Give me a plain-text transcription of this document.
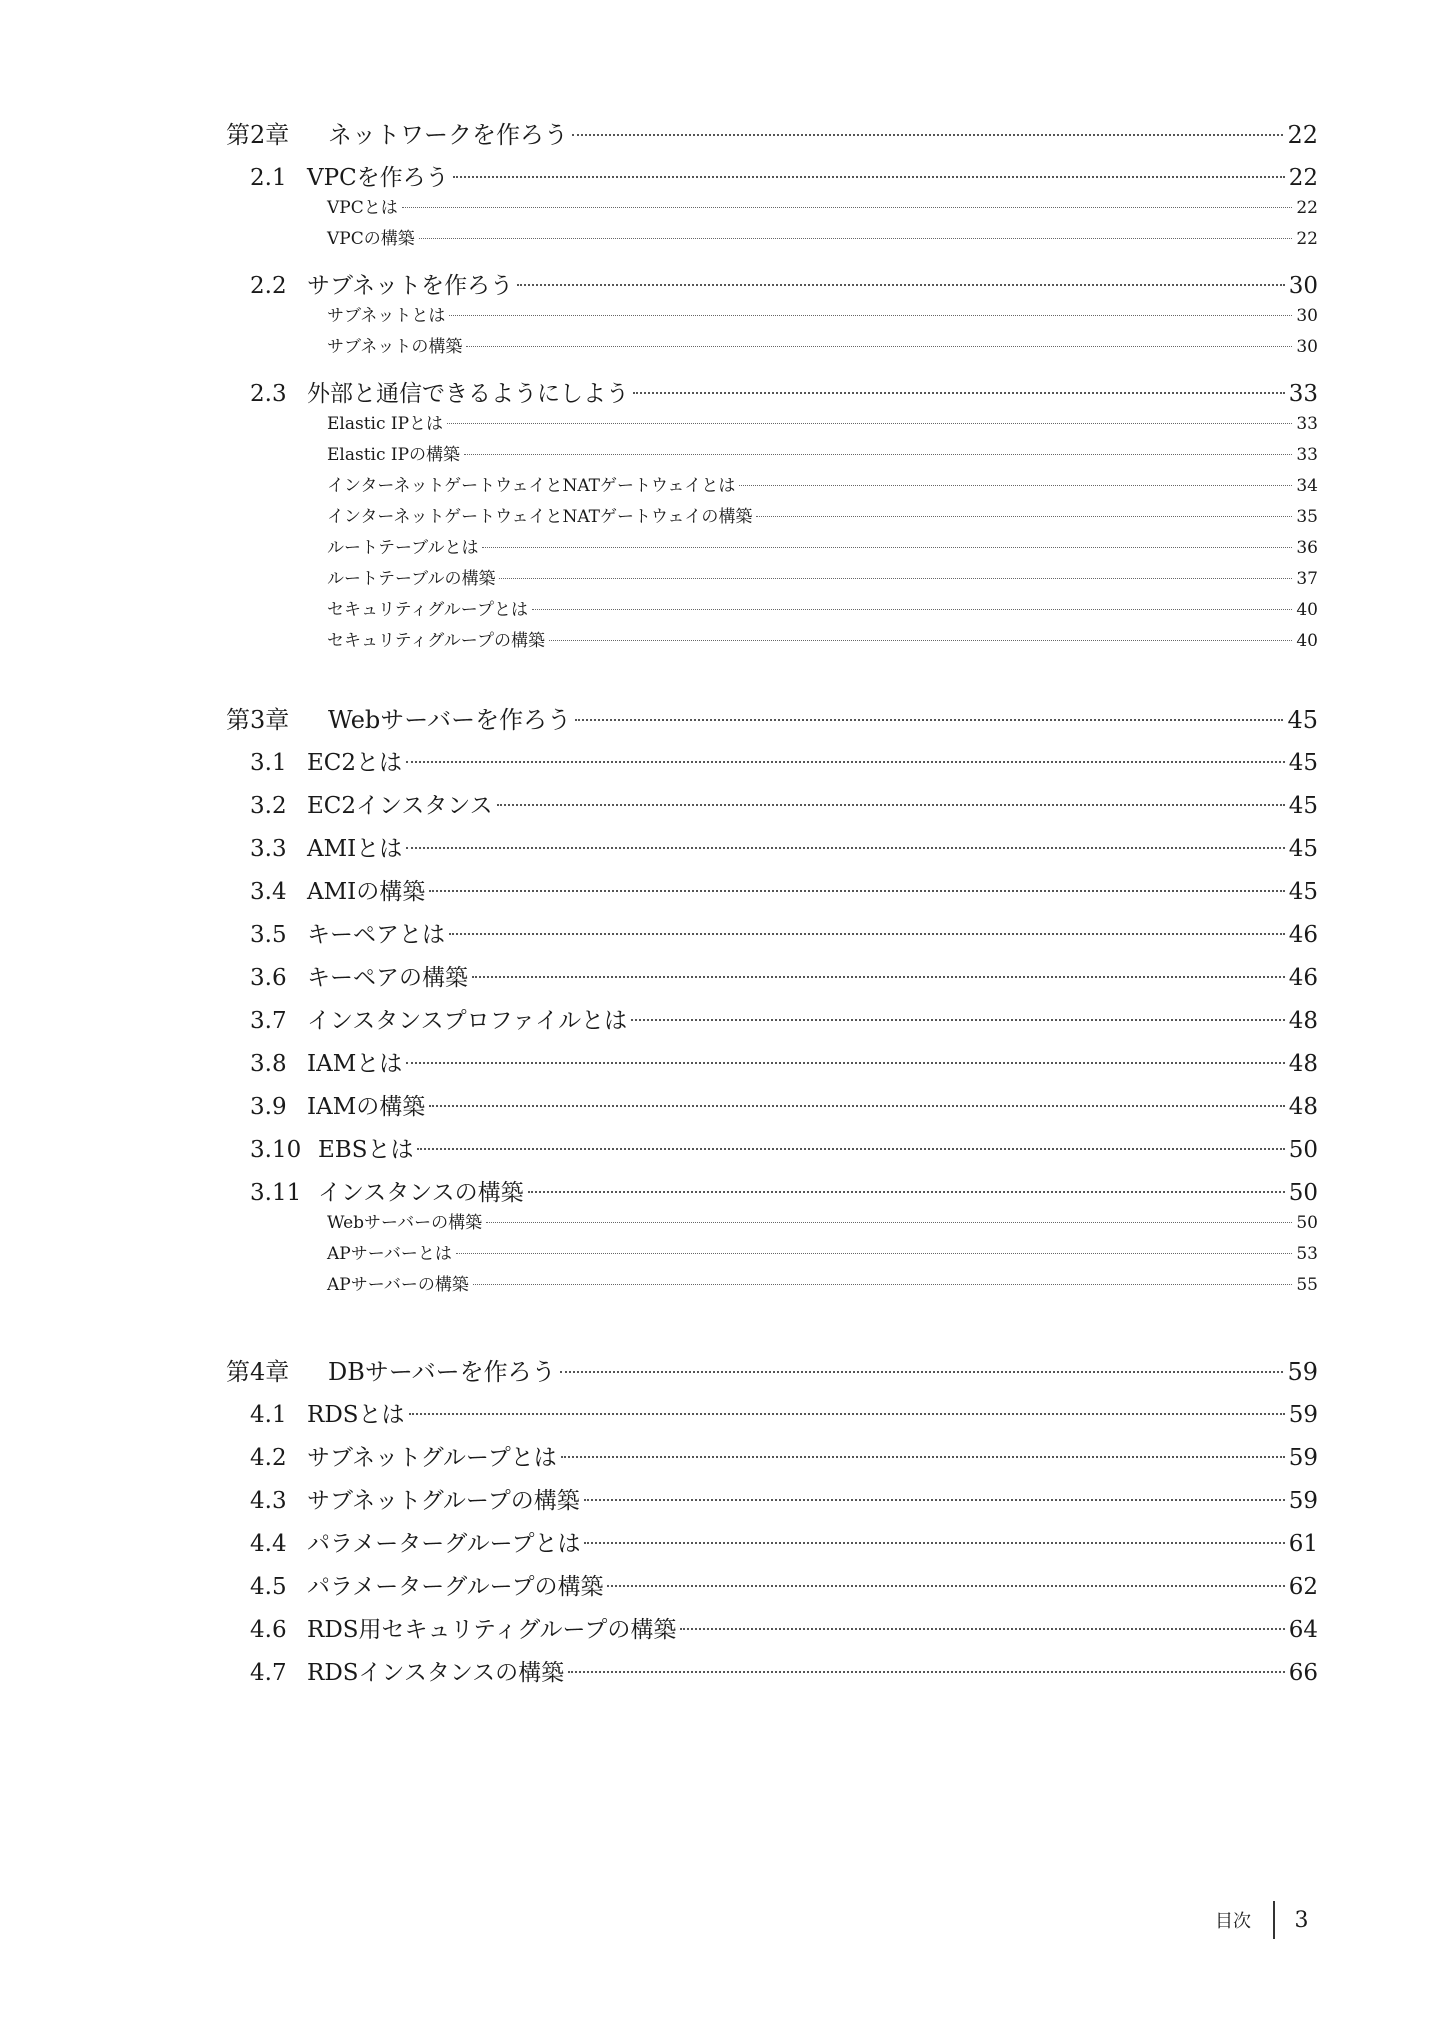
第2章	ネットワークを作ろう	22
2.1 VPCを作ろう	22
VPCとは	22
VPCの構築	22
2.2 サブネットを作ろう	30
サブネットとは	30
サブネットの構築	30
2.3 外部と通信できるようにしよう	33
Elastic IPとは	33
Elastic IPの構築	33
インターネットゲートウェイとNATゲートウェイとは	34
インターネットゲートウェイとNATゲートウェイの構築	35
ルートテーブルとは	36
ルートテーブルの構築	37
セキュリティグループとは	40
セキュリティグループの構築	40
第3章	Webサーバーを作ろう	45
3.1 EC2とは	45
3.2 EC2インスタンス	45
3.3 AMIとは	45
3.4 AMIの構築	45
3.5 キーペアとは	46
3.6 キーペアの構築	46
3.7 インスタンスプロファイルとは	48
3.8 IAMとは	48
3.9 IAMの構築	48
3.10 EBSとは	50
3.11 インスタンスの構築	50
Webサーバーの構築	50
APサーバーとは	53
APサーバーの構築	55
第4章	DBサーバーを作ろう	59
4.1 RDSとは	59
4.2 サブネットグループとは	59
4.3 サブネットグループの構築	59
4.4 パラメーターグループとは	61
4.5 パラメーターグループの構築	62
4.6 RDS用セキュリティグループの構築	64
4.7 RDSインスタンスの構築	66
目次 3
